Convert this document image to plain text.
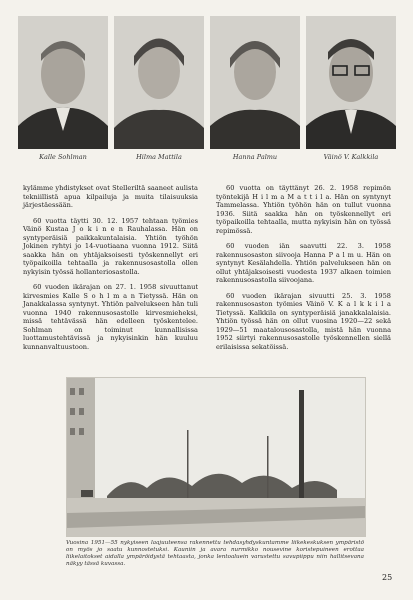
Kalle Sohlman	Hilma Mattila	Hanna Palmu	Väinö V. Kalkkila

kylämme yhdistykset ovat Stelleriltä saaneet aulista tekniillistä apua kilpailuja ja muita tilaisuuksia järjestäessään.

60 vuotta täytti 30. 12. 1957 tehtaan työmies Väinö Kustaa J o k i n e n Rauhalassa. Hän on syntyperäisiä paikkakuntalaisia. Yhtiön työhön Jokinen ryhtyi jo 14-vuotiaana vuonna 1912. Siitä saakka hän on yhtäjaksoisesti työskennellyt eri työpaikoilla tehtaalla ja rakennusosastolla ollen nykyisin työssä hollanteriosastolla.

60 vuoden ikärajan on 27. 1. 1958 sivuuttanut kirvesmies Kalle S o h l m a n Tietyssä. Hän on Janakkalassa syntynyt. Yhtiön palvelukseen hän tuli vuonna 1940 rakennusosastolle kirvesmieheksi, missä tehtävässä hän edelleen työskentelee. Sohlman on toiminut kunnallisissa luottamustehtävissä ja nykyisinkin hän kuuluu kunnanvaltuustoon.

60 vuotta on täyttänyt 26. 2. 1958 repimön työntekijä H i l m a M a t t i l a. Hän on syntynyt Tammelassa. Yhtiön työhön hän on tullut vuonna 1936. Siitä saakka hän on työskennellyt eri työpaikoilla tehtaalla, mutta nykyisin hän on työssä repimössä.

60 vuoden iän saavutti 22. 3. 1958 rakennusosaston siivooja Hanna P a l m u. Hän on syntynyt Kesälahdella. Yhtiön palvelukseen hän on ollut yhtäjaksoisesti vuodesta 1937 alkaen toimien rakennusosastolla siivoojana.

60 vuoden ikärajan sivuutti 25. 3. 1958 rakennusosaston työmies Väinö V. K a l k k i l a Tietyssä. Kalkkila on syntyperäisiä janakkalalaisia. Yhtiön työssä hän on ollut vuosina 1920—22 sekä 1929—51 maatalousosastolla, mistä hän vuonna 1952 siirtyi rakennusosastolle työskennellen siellä erilaisissa sekatöissä.

Vuosina 1951—55 nykyiseen laajuuteensa rakennettu tehdasyhdyskuntamme liikekeskuksen ympäristö on myös jo saatu kunnostetuksi. Kauniin ja avara nurmikko nousevine koristepuineen erottaa liikelaitokset aidalla ympäröidystä tehtaasta, jonka lentoaluein varustettu savupiippu niin hallitsevana näkyy tässä kuvassa.
25
